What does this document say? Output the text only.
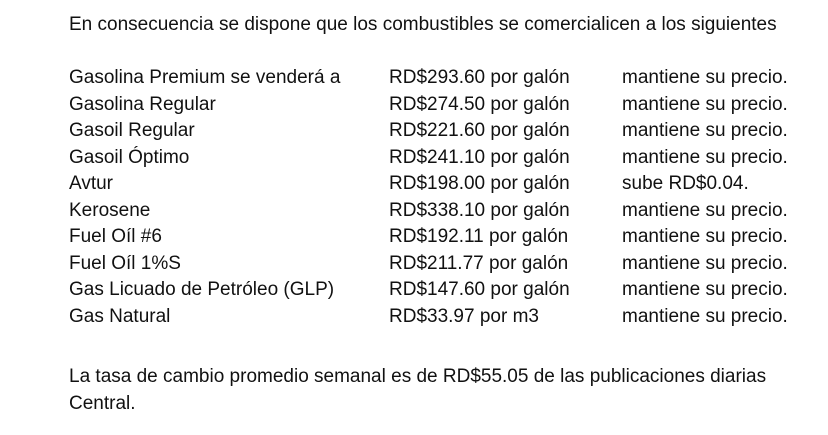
En consecuencia se dispone que los combustibles se comercialicen a los siguientes
Gasolina Premium se venderá a	RD$293.60 por galón	mantiene su precio.
Gasolina Regular	RD$274.50 por galón	mantiene su precio.
Gasoil Regular	RD$221.60 por galón	mantiene su precio.
Gasoil Óptimo	RD$241.10 por galón	mantiene su precio.
Avtur	RD$198.00 por galón	sube RD$0.04.
Kerosene	RD$338.10 por galón	mantiene su precio.
Fuel Oíl #6	RD$192.11 por galón	mantiene su precio.
Fuel Oíl 1%S	RD$211.77 por galón	mantiene su precio.
Gas Licuado de Petróleo (GLP)	RD$147.60 por galón	mantiene su precio.
Gas Natural	RD$33.97 por m3	mantiene su precio.
La tasa de cambio promedio semanal es de RD$55.05 de las publicaciones diarias
Central.
